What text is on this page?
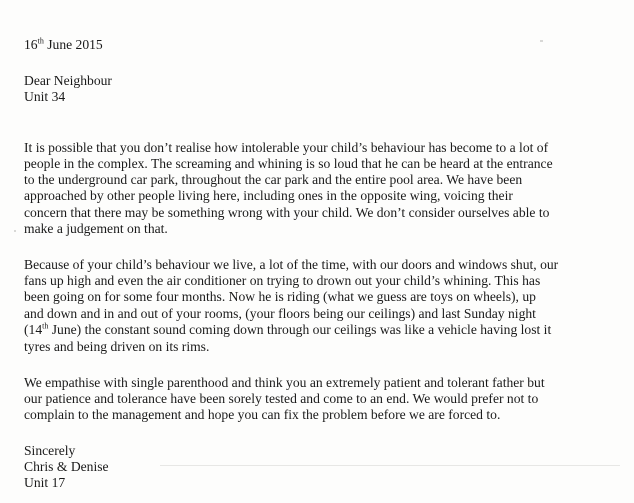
16th June 2015
Dear Neighbour
Unit 34
It is possible that you don’t realise how intolerable your child’s behaviour has become to a lot of
people in the complex. The screaming and whining is so loud that he can be heard at the entrance
to the underground car park, throughout the car park and the entire pool area. We have been
approached by other people living here, including ones in the opposite wing, voicing their
concern that there may be something wrong with your child. We don’t consider ourselves able to
make a judgement on that.
Because of your child’s behaviour we live, a lot of the time, with our doors and windows shut, our
fans up high and even the air conditioner on trying to drown out your child’s whining. This has
been going on for some four months. Now he is riding (what we guess are toys on wheels), up
and down and in and out of your rooms, (your floors being our ceilings) and last Sunday night
(14th June) the constant sound coming down through our ceilings was like a vehicle having lost it
tyres and being driven on its rims.
We empathise with single parenthood and think you an extremely patient and tolerant father but
our patience and tolerance have been sorely tested and come to an end. We would prefer not to
complain to the management and hope you can fix the problem before we are forced to.
Sincerely
Chris & Denise
Unit 17
